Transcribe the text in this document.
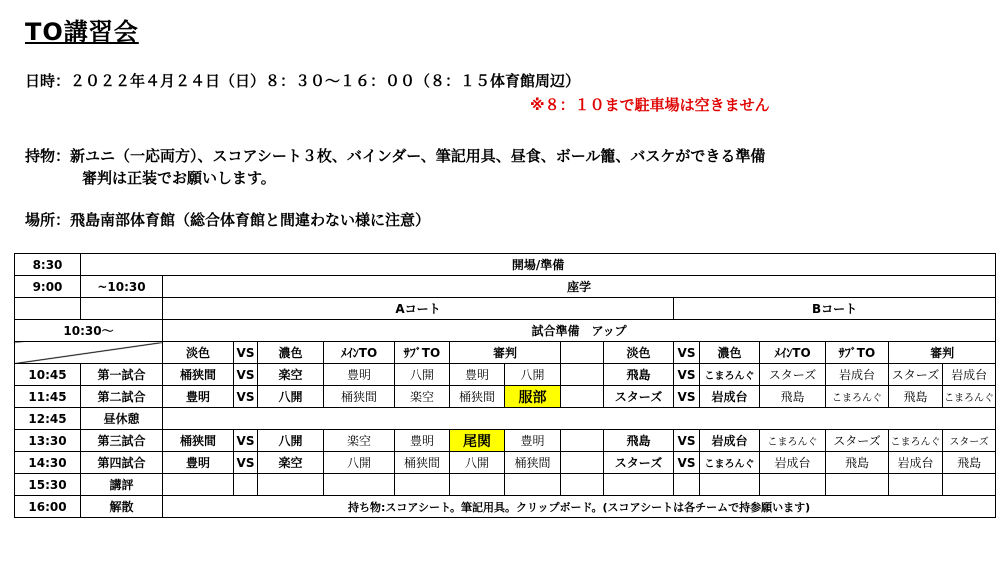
TO講習会
日時：２０２２年４月２４日（日）８：３０～１６：００（８：１５体育館周辺）
※８：１０まで駐車場は空きません
持物：新ユニ（一応両方）、スコアシート３枚、バインダー、筆記用具、昼食、ボール籠、バスケができる準備
審判は正装でお願いします。
場所：飛島南部体育館（総合体育館と間違わない様に注意）
8:30	開場/準備															
9:00	~10:30	座学														
		Aコート									Bコート					
10:30～		試合準備　アップ														
		淡色	VS	濃色	ﾒｲﾝTO	ｻﾌﾞTO	審判			淡色	VS	濃色	ﾒｲﾝTO	ｻﾌﾞTO	審判	
10:45	第一試合	桶狭間	VS	楽空	豊明	八開	豊明	八開		飛島	VS	こまろんぐ	スターズ	岩成台	スターズ	岩成台
11:45	第二試合	豊明	VS	八開	桶狭間	楽空	桶狭間	服部		スターズ	VS	岩成台	飛島	こまろんぐ	飛島	こまろんぐ
12:45	昼休憩															
13:30	第三試合	桶狭間	VS	八開	楽空	豊明	尾関	豊明		飛島	VS	岩成台	こまろんぐ	スターズ	こまろんぐ	スターズ
14:30	第四試合	豊明	VS	楽空	八開	桶狭間	八開	桶狭間		スターズ	VS	こまろんぐ	岩成台	飛島	岩成台	飛島
15:30	講評															
16:00	解散	持ち物:スコアシート。筆記用具。クリップボード。(スコアシートは各チームで持参願います)														
